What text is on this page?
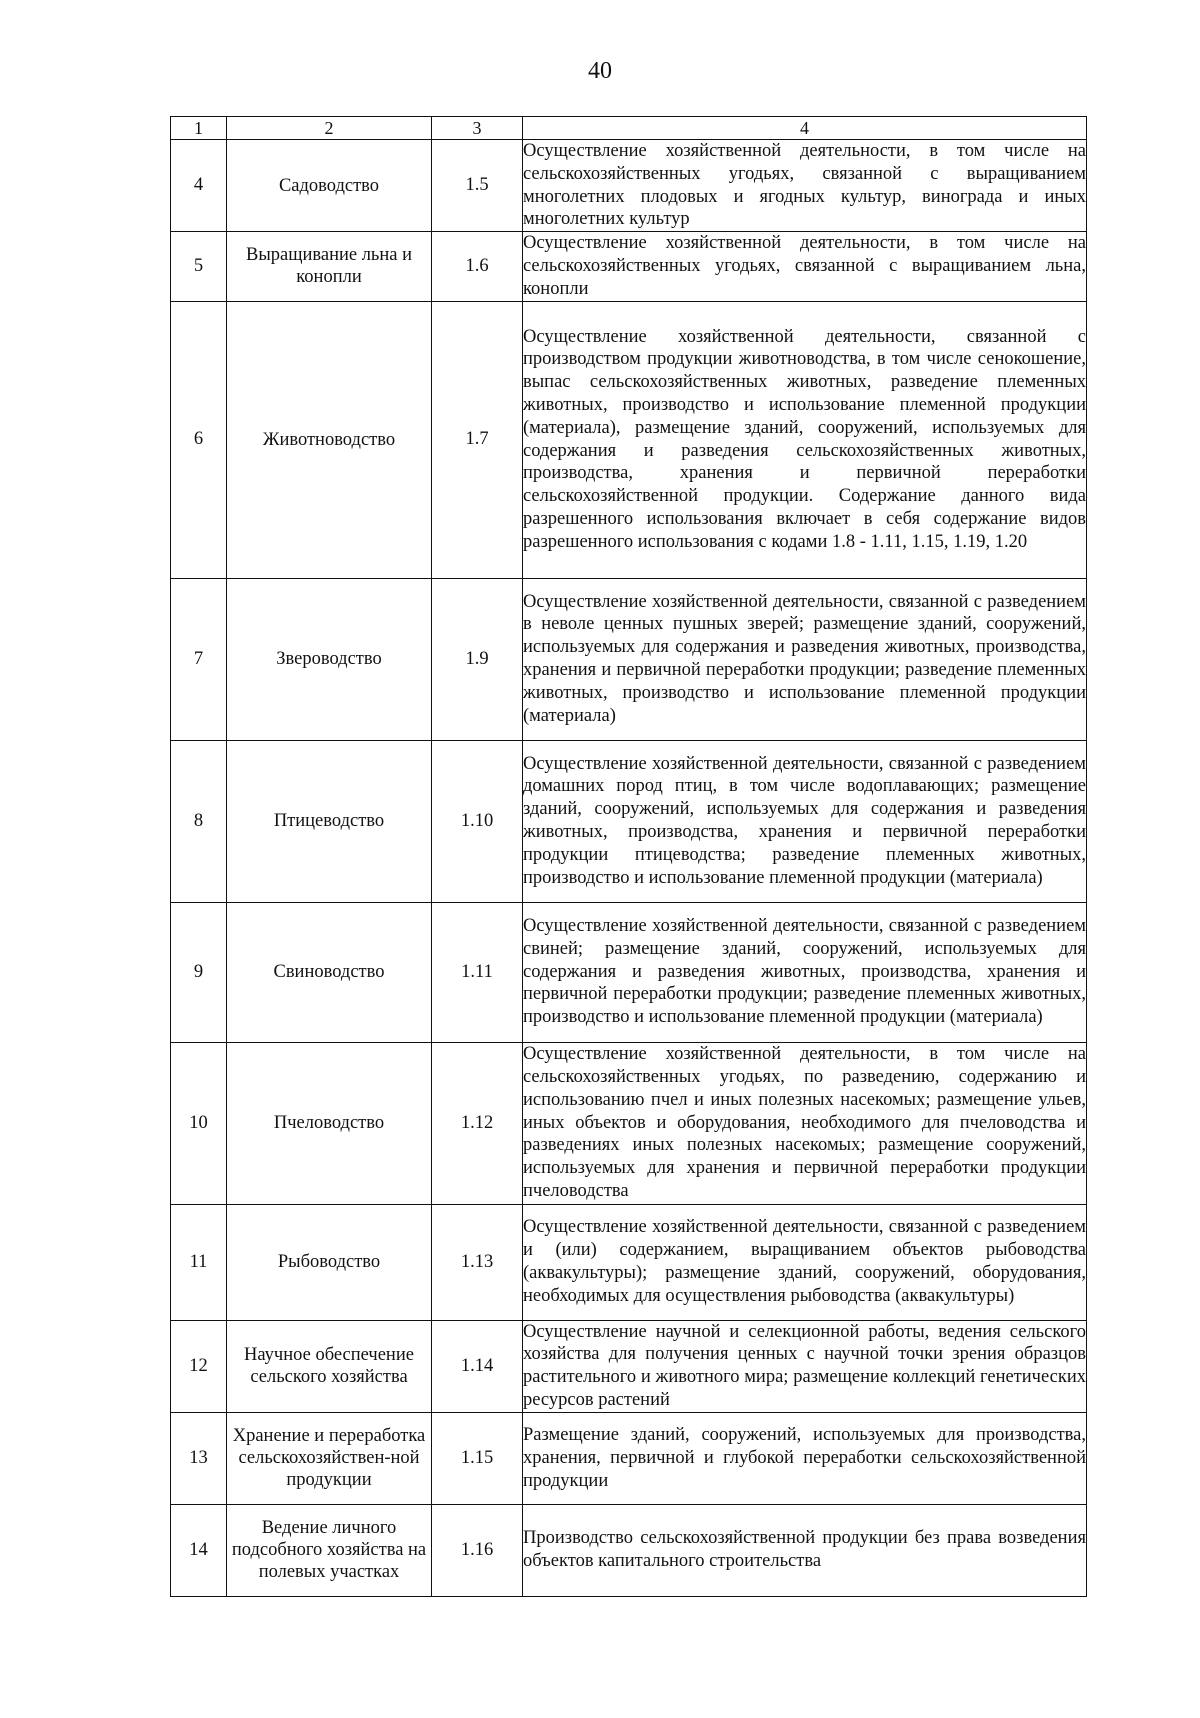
40
1	2	3	4
4	Садоводство	1.5	Осуществление хозяйственной деятельности, в том числе на сельскохозяйственных угодьях, связанной с выращиванием многолетних плодовых и ягодных культур, винограда и иных многолетних культур
5	Выращивание льна и конопли	1.6	Осуществление хозяйственной деятельности, в том числе на сельскохозяйственных угодьях, связанной с выращиванием льна, конопли
6	Животноводство	1.7	Осуществление хозяйственной деятельности, связанной с производством продукции животноводства, в том числе сенокошение, выпас сельскохозяйственных животных, разведение племенных животных, производство и использование племенной продукции (материала), размещение зданий, сооружений, используемых для содержания и разведения сельскохозяйственных животных, производства, хранения и первичной переработки сельскохозяйственной продукции. Содержание данного вида разрешенного использования включает в себя содержание видов разрешенного использования с кодами 1.8 - 1.11, 1.15, 1.19, 1.20
7	Звероводство	1.9	Осуществление хозяйственной деятельности, связанной с разведением в неволе ценных пушных зверей; размещение зданий, сооружений, используемых для содержания и разведения животных, производства, хранения и первичной переработки продукции; разведение племенных животных, производство и использование племенной продукции (материала)
8	Птицеводство	1.10	Осуществление хозяйственной деятельности, связанной с разведением домашних пород птиц, в том числе водоплавающих; размещение зданий, сооружений, используемых для содержания и разведения животных, производства, хранения и первичной переработки продукции птицеводства; разведение племенных животных, производство и использование племенной продукции (материала)
9	Свиноводство	1.11	Осуществление хозяйственной деятельности, связанной с разведением свиней; размещение зданий, сооружений, используемых для содержания и разведения животных, производства, хранения и первичной переработки продукции; разведение племенных животных, производство и использование племенной продукции (материала)
10	Пчеловодство	1.12	Осуществление хозяйственной деятельности, в том числе на сельскохозяйственных угодьях, по разведению, содержанию и использованию пчел и иных полезных насекомых; размещение ульев, иных объектов и оборудования, необходимого для пчеловодства и разведениях иных полезных насекомых; размещение сооружений, используемых для хранения и первичной переработки продукции пчеловодства
11	Рыбоводство	1.13	Осуществление хозяйственной деятельности, связанной с разведением и (или) содержанием, выращиванием объектов рыбоводства (аквакультуры); размещение зданий, сооружений, оборудования, необходимых для осуществления рыбоводства (аквакультуры)
12	Научное обеспечение сельского хозяйства	1.14	Осуществление научной и селекционной работы, ведения сельского хозяйства для получения ценных с научной точки зрения образцов растительного и животного мира; размещение коллекций генетических ресурсов растений
13	Хранение и переработка сельскохозяйствен-ной продукции	1.15	Размещение зданий, сооружений, используемых для производства, хранения, первичной и глубокой переработки сельскохозяйственной продукции
14	Ведение личного подсобного хозяйства на полевых участках	1.16	Производство сельскохозяйственной продукции без права возведения объектов капитального строительства
